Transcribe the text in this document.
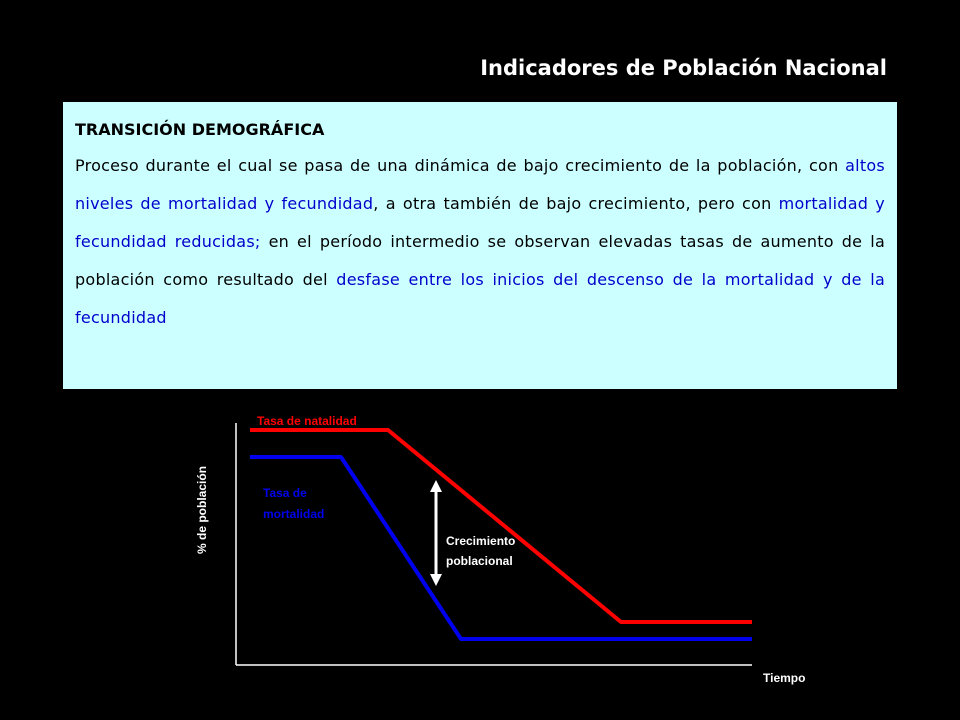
Indicadores de Población Nacional
TRANSICIÓN DEMOGRÁFICA

Proceso durante el cual se pasa de una dinámica de bajo crecimiento de la población, con altos niveles de mortalidad y fecundidad, a otra también de bajo crecimiento, pero con mortalidad y fecundidad reducidas; en el período intermedio se observan elevadas tasas de aumento de la población como resultado del desfase entre los inicios del descenso de la mortalidad y de la fecundidad

Tasa de natalidad
Tasa de
mortalidad
Crecimiento
poblacional
% de población
Tiempo
